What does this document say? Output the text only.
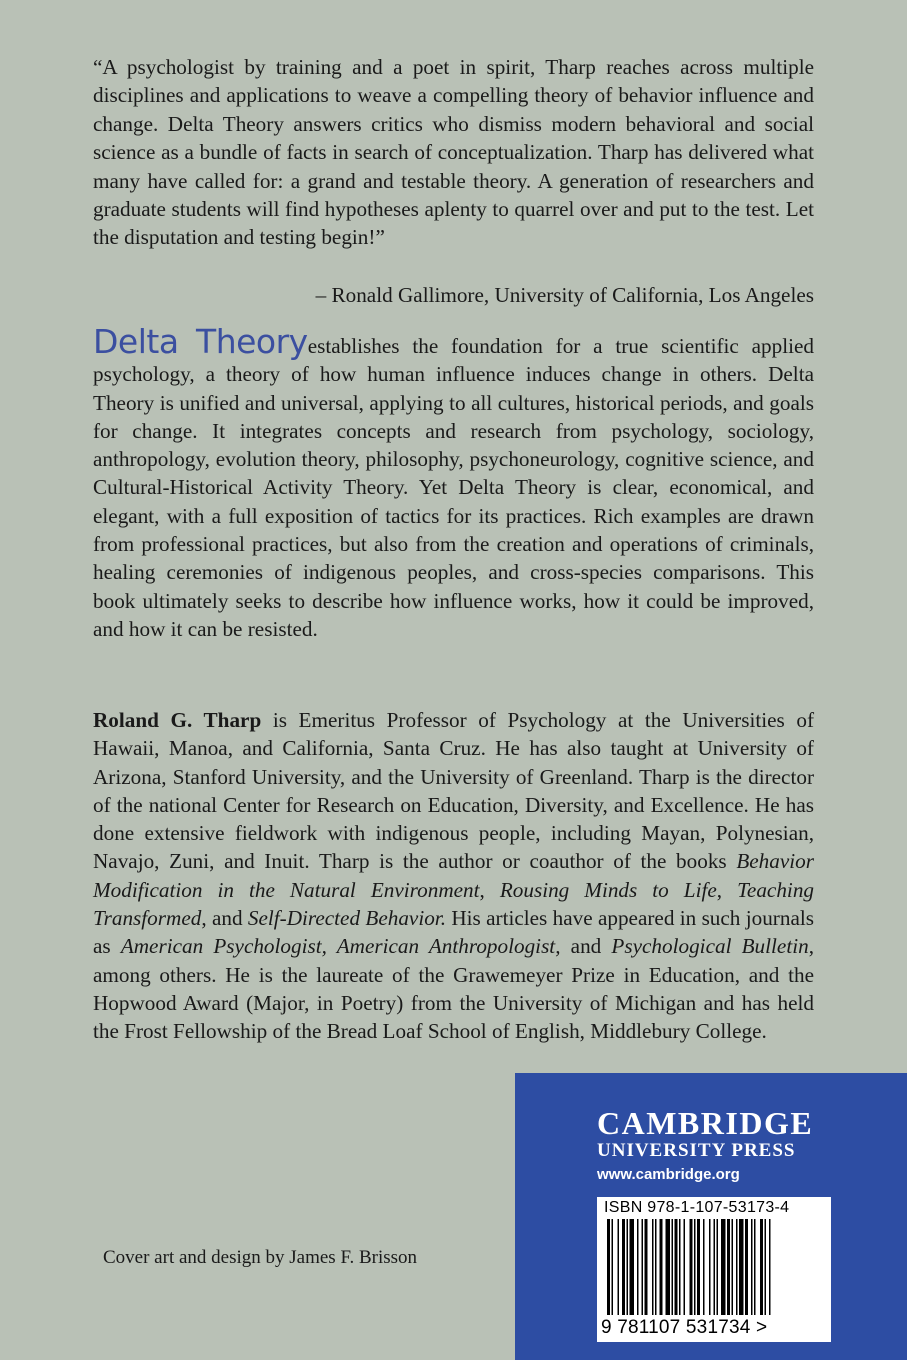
“A psychologist by training and a poet in spirit, Tharp reaches across multiple disciplines and applications to weave a compelling theory of behavior influence and change. Delta Theory answers critics who dismiss modern behavioral and social science as a bundle of facts in search of conceptualization. Tharp has delivered what many have called for: a grand and testable theory. A generation of researchers and graduate students will find hypotheses aplenty to quarrel over and put to the test. Let the disputation and testing begin!”
– Ronald Gallimore, University of California, Los Angeles
Delta Theoryestablishes the foundation for a true scientific applied psychology, a theory of how human influence induces change in others. Delta Theory is unified and universal, applying to all cultures, historical periods, and goals for change. It integrates concepts and research from psychology, sociology, anthropology, evolution theory, philosophy, psychoneurology, cognitive science, and Cultural-Historical Activity Theory. Yet Delta Theory is clear, economical, and elegant, with a full exposition of tactics for its practices. Rich examples are drawn from professional practices, but also from the creation and operations of criminals, healing ceremonies of indigenous peoples, and cross-species comparisons. This book ultimately seeks to describe how influence works, how it could be improved, and how it can be resisted.
Roland G. Tharp is Emeritus Professor of Psychology at the Universities of Hawaii, Manoa, and California, Santa Cruz. He has also taught at University of Arizona, Stanford University, and the University of Greenland. Tharp is the director of the national Center for Research on Education, Diversity, and Excellence. He has done extensive fieldwork with indigenous people, including Mayan, Polynesian, Navajo, Zuni, and Inuit. Tharp is the author or coauthor of the books Behavior Modification in the Natural Environment, Rousing Minds to Life, Teaching Transformed, and Self-Directed Behavior. His articles have appeared in such journals as American Psychologist, American Anthropologist, and Psychological Bulletin, among others. He is the laureate of the Grawemeyer Prize in Education, and the Hopwood Award (Major, in Poetry) from the University of Michigan and has held the Frost Fellowship of the Bread Loaf School of English, Middlebury College.
Cover art and design by James F. Brisson
CAMBRIDGE
UNIVERSITY PRESS
www.cambridge.org
ISBN 978-1-107-53173-4
9 781107 531734 >
